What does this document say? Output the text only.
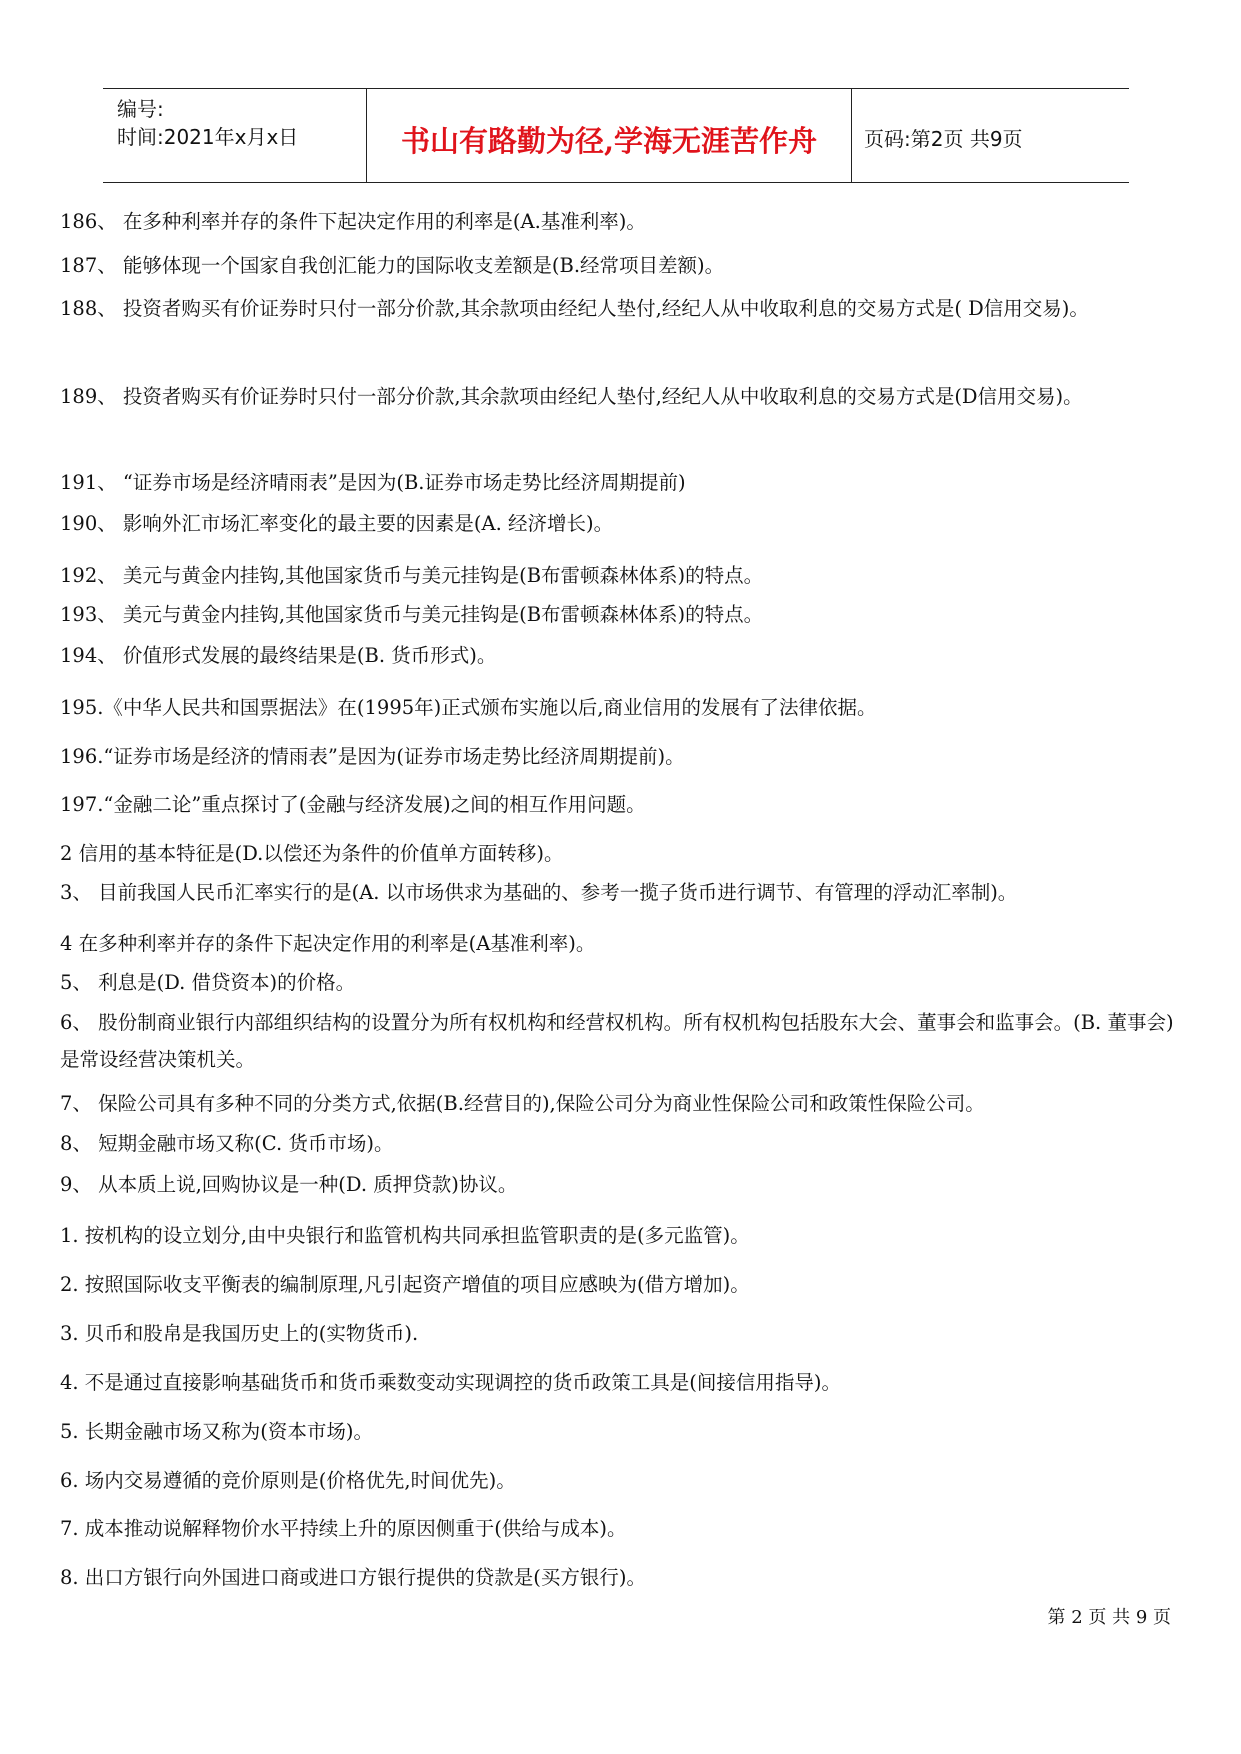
编号:
时间:2021年x月x日	书山有路勤为径,学海无涯苦作舟	页码:第2页 共9页

186、 在多种利率并存的条件下起决定作用的利率是(A.基准利率)。

187、 能够体现一个国家自我创汇能力的国际收支差额是(B.经常项目差额)。

188、 投资者购买有价证券时只付一部分价款,其余款项由经纪人垫付,经纪人从中收取利息的交易方式是( D信用交易)。

189、 投资者购买有价证券时只付一部分价款,其余款项由经纪人垫付,经纪人从中收取利息的交易方式是(D信用交易)。

191、 “证券市场是经济晴雨表”是因为(B.证券市场走势比经济周期提前)

190、 影响外汇市场汇率变化的最主要的因素是(A. 经济增长)。

192、 美元与黄金内挂钩,其他国家货币与美元挂钩是(B布雷顿森林体系)的特点。

193、 美元与黄金内挂钩,其他国家货币与美元挂钩是(B布雷顿森林体系)的特点。

194、 价值形式发展的最终结果是(B. 货币形式)。

195.《中华人民共和国票据法》在(1995年)正式颁布实施以后,商业信用的发展有了法律依据。

196.“证券市场是经济的情雨表”是因为(证券市场走势比经济周期提前)。

197.“金融二论”重点探讨了(金融与经济发展)之间的相互作用问题。

2 信用的基本特征是(D.以偿还为条件的价值单方面转移)。

3、 目前我国人民币汇率实行的是(A. 以市场供求为基础的、参考一揽子货币进行调节、有管理的浮动汇率制)。

4 在多种利率并存的条件下起决定作用的利率是(A基准利率)。

5、 利息是(D. 借贷资本)的价格。

6、 股份制商业银行内部组织结构的设置分为所有权机构和经营权机构。所有权机构包括股东大会、董事会和监事会。(B. 董事会)是常设经营决策机关。

7、 保险公司具有多种不同的分类方式,依据(B.经营目的),保险公司分为商业性保险公司和政策性保险公司。

8、 短期金融市场又称(C. 货币市场)。

9、 从本质上说,回购协议是一种(D. 质押贷款)协议。

1. 按机构的设立划分,由中央银行和监管机构共同承担监管职责的是(多元监管)。

2. 按照国际收支平衡表的编制原理,凡引起资产增值的项目应感映为(借方增加)。

3. 贝币和股帛是我国历史上的(实物货币).

4. 不是通过直接影响基础货币和货币乘数变动实现调控的货币政策工具是(间接信用指导)。

5. 长期金融市场又称为(资本市场)。

6. 场内交易遵循的竞价原则是(价格优先,时间优先)。

7. 成本推动说解释物价水平持续上升的原因侧重于(供给与成本)。

8. 出口方银行向外国进口商或进口方银行提供的贷款是(买方银行)。

第 2 页 共 9 页
